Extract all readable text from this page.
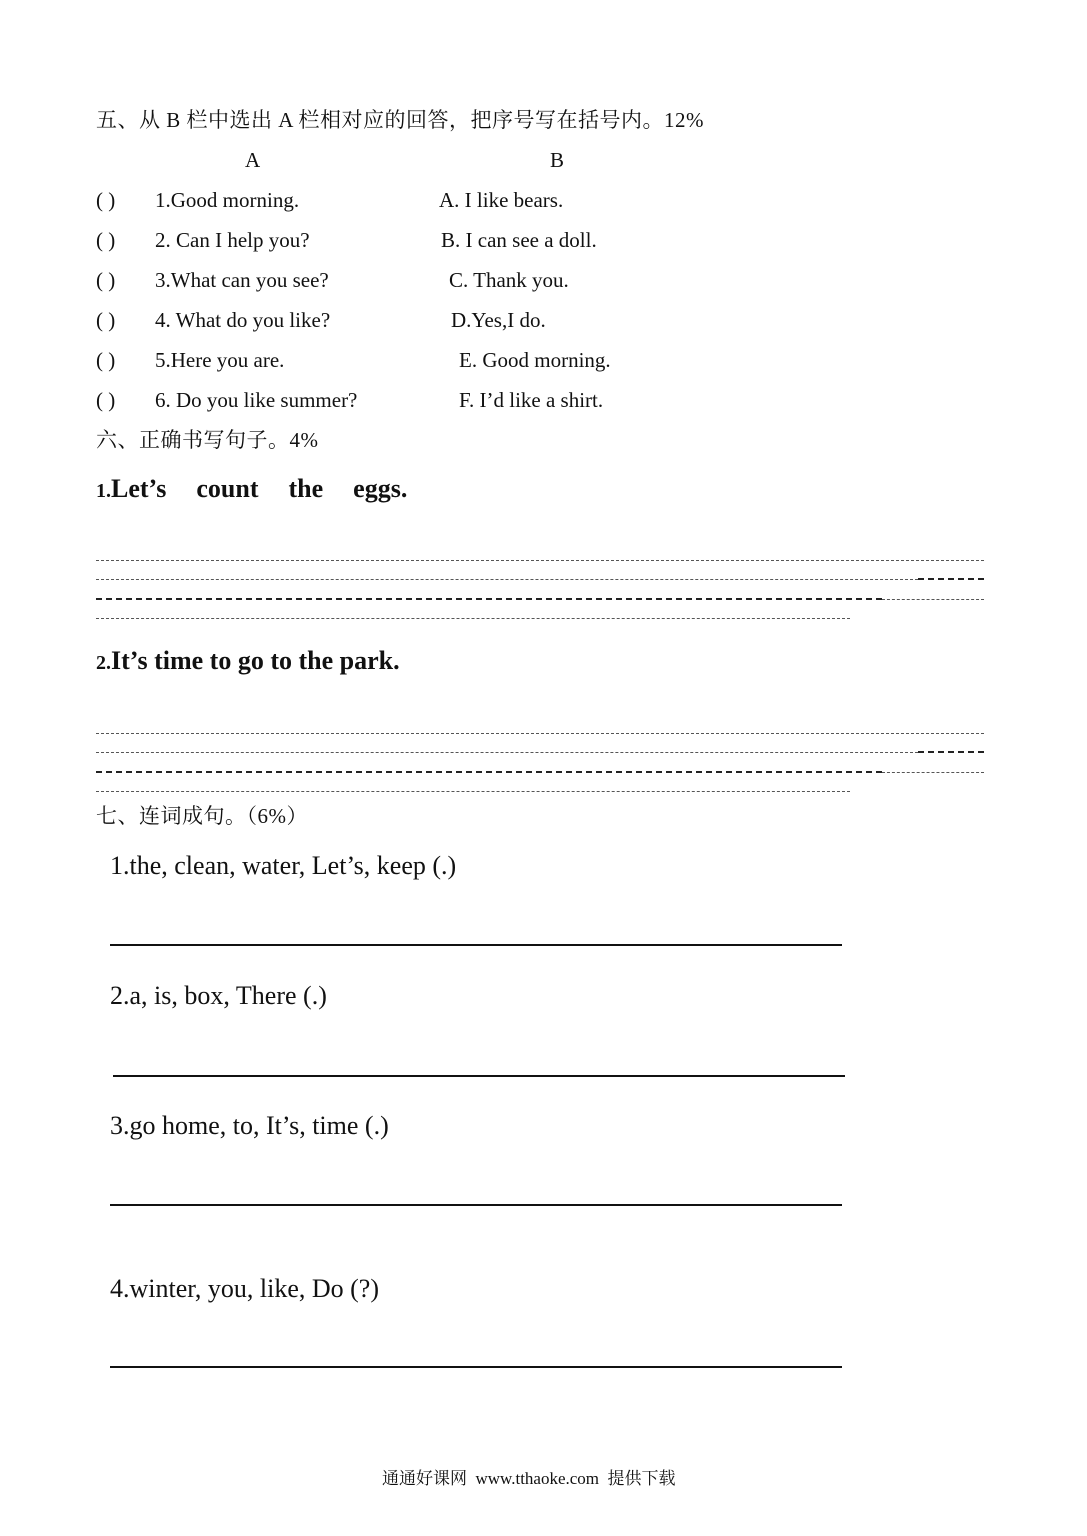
五、从 B 栏中选出 A 栏相对应的回答，把序号写在括号内。12%
A	B
( ) 1.Good morning.	A. I like bears.
( ) 2. Can I help you?	B. I can see a doll.
( ) 3.What can you see?	C. Thank you.
( ) 4. What do you like?	D.Yes,I do.
( ) 5.Here you are.	E. Good morning.
( ) 6. Do you like summer?	F. I’d like a shirt.
六、正确书写句子。4%
1.Let’s count the eggs.
2.It’s time to go to the park.
七、连词成句。（6%）
1.the, clean, water, Let’s, keep (.)
2.a, is, box, There (.)
3.go home, to, It’s, time (.)
4.winter, you, like, Do (?)
通通好课网 www.tthaoke.com 提供下载
